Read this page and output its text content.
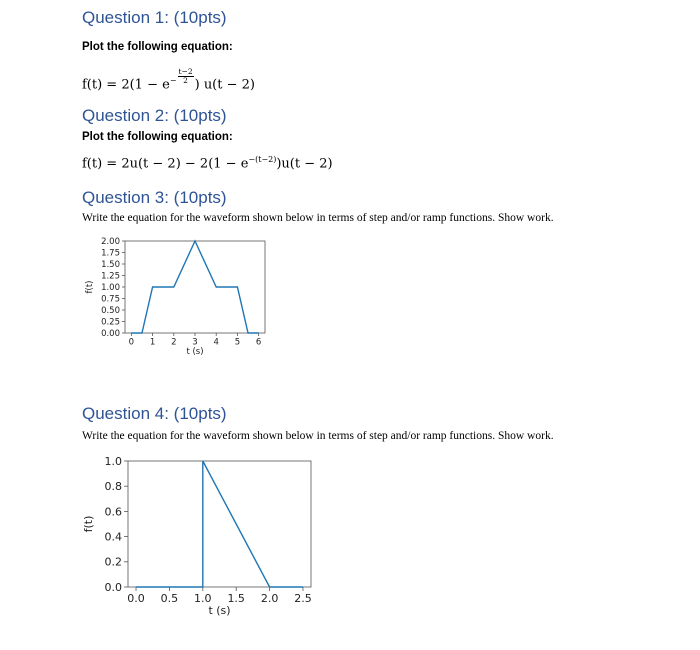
Question 1: (10pts)
Plot the following equation:
$f(t) = 2(1 - e^- \frac{t-2}{2}$ ) u(t − 2)
Question 2: (10pts)
Plot the following equation:
$f(t) = 2u(t - 2) - 2(1 - e^{-(t-2)})u(t - 2)$
Question 3: (10pts)
Write the equation for the waveform shown below in terms of step and/or ramp functions. Show work.
0.00
0.25
0.50
0.75
1.00
1.25
1.50
1.75
2.00
0 1 2 3 4 5 6
t (s)
f(t)
Question 4: (10pts)
Write the equation for the waveform shown below in terms of step and/or ramp functions. Show work.
0.0
0.2
0.4
0.6
0.8
1.0
0.0 0.5 1.0 1.5 2.0 2.5
t (s)
f(t)
